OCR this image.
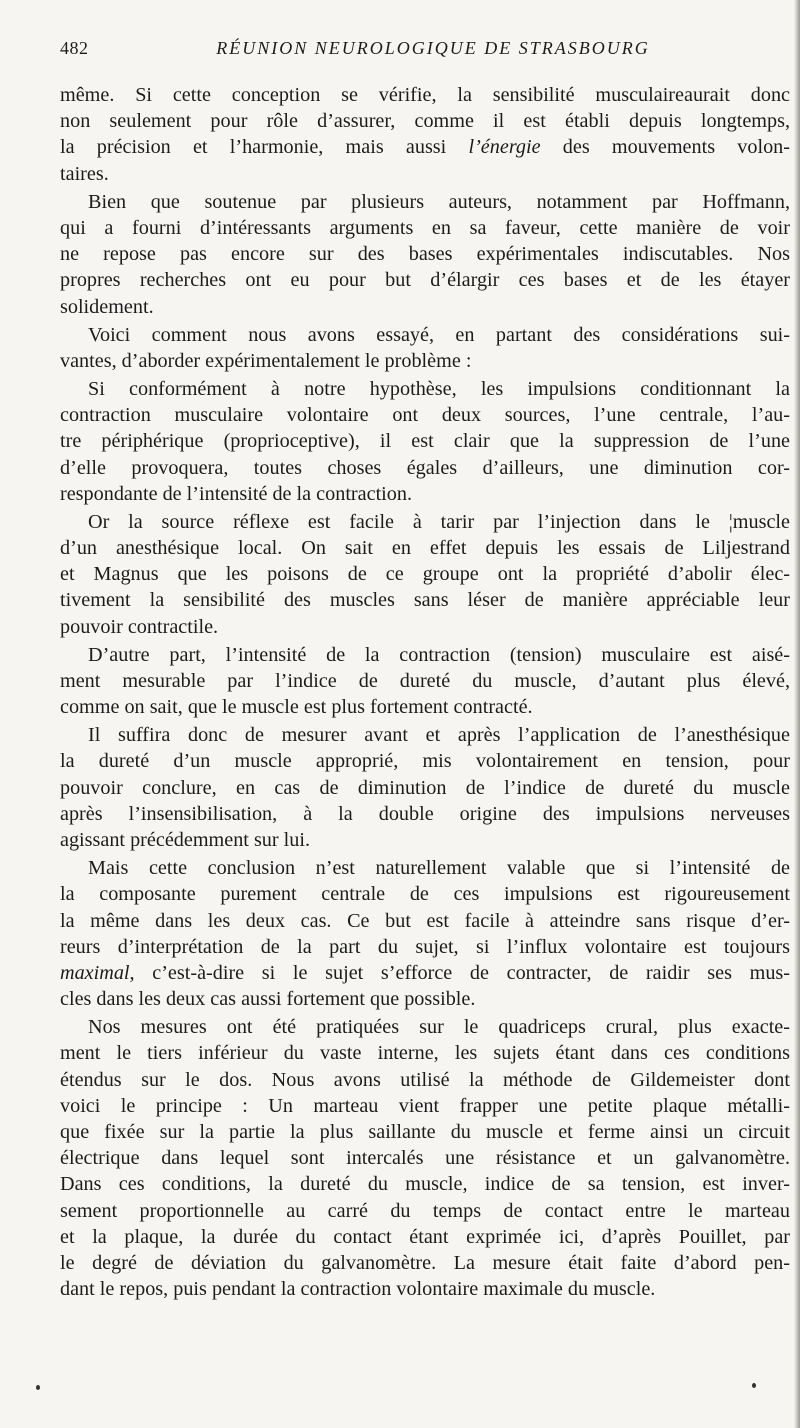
482	RÉUNION NEUROLOGIQUE DE STRASBOURG
même. Si cette conception se vérifie, la sensibilité musculaireaurait donc
non seulement pour rôle d’assurer, comme il est établi depuis longtemps,
la précision et l’harmonie, mais aussi l’énergie des mouvements volon-
taires.
Bien que soutenue par plusieurs auteurs, notamment par Hoffmann,
qui a fourni d’intéressants arguments en sa faveur, cette manière de voir
ne repose pas encore sur des bases expérimentales indiscutables. Nos
propres recherches ont eu pour but d’élargir ces bases et de les étayer
solidement.
Voici comment nous avons essayé, en partant des considérations sui-
vantes, d’aborder expérimentalement le problème :
Si conformément à notre hypothèse, les impulsions conditionnant la
contraction musculaire volontaire ont deux sources, l’une centrale, l’au-
tre périphérique (proprioceptive), il est clair que la suppression de l’une
d’elle provoquera, toutes choses égales d’ailleurs, une diminution cor-
respondante de l’intensité de la contraction.
Or la source réflexe est facile à tarir par l’injection dans le ¦muscle
d’un anesthésique local. On sait en effet depuis les essais de Liljestrand
et Magnus que les poisons de ce groupe ont la propriété d’abolir élec-
tivement la sensibilité des muscles sans léser de manière appréciable leur
pouvoir contractile.
D’autre part, l’intensité de la contraction (tension) musculaire est aisé-
ment mesurable par l’indice de dureté du muscle, d’autant plus élevé,
comme on sait, que le muscle est plus fortement contracté.
Il suffira donc de mesurer avant et après l’application de l’anesthésique
la dureté d’un muscle approprié, mis volontairement en tension, pour
pouvoir conclure, en cas de diminution de l’indice de dureté du muscle
après l’insensibilisation, à la double origine des impulsions nerveuses
agissant précédemment sur lui.
Mais cette conclusion n’est naturellement valable que si l’intensité de
la composante purement centrale de ces impulsions est rigoureusement
la même dans les deux cas. Ce but est facile à atteindre sans risque d’er-
reurs d’interprétation de la part du sujet, si l’influx volontaire est toujours
maximal, c’est-à-dire si le sujet s’efforce de contracter, de raidir ses mus-
cles dans les deux cas aussi fortement que possible.
Nos mesures ont été pratiquées sur le quadriceps crural, plus exacte-
ment le tiers inférieur du vaste interne, les sujets étant dans ces conditions
étendus sur le dos. Nous avons utilisé la méthode de Gildemeister dont
voici le principe : Un marteau vient frapper une petite plaque métalli-
que fixée sur la partie la plus saillante du muscle et ferme ainsi un circuit
électrique dans lequel sont intercalés une résistance et un galvanomètre.
Dans ces conditions, la dureté du muscle, indice de sa tension, est inver-
sement proportionnelle au carré du temps de contact entre le marteau
et la plaque, la durée du contact étant exprimée ici, d’après Pouillet, par
le degré de déviation du galvanomètre. La mesure était faite d’abord pen-
dant le repos, puis pendant la contraction volontaire maximale du muscle.
